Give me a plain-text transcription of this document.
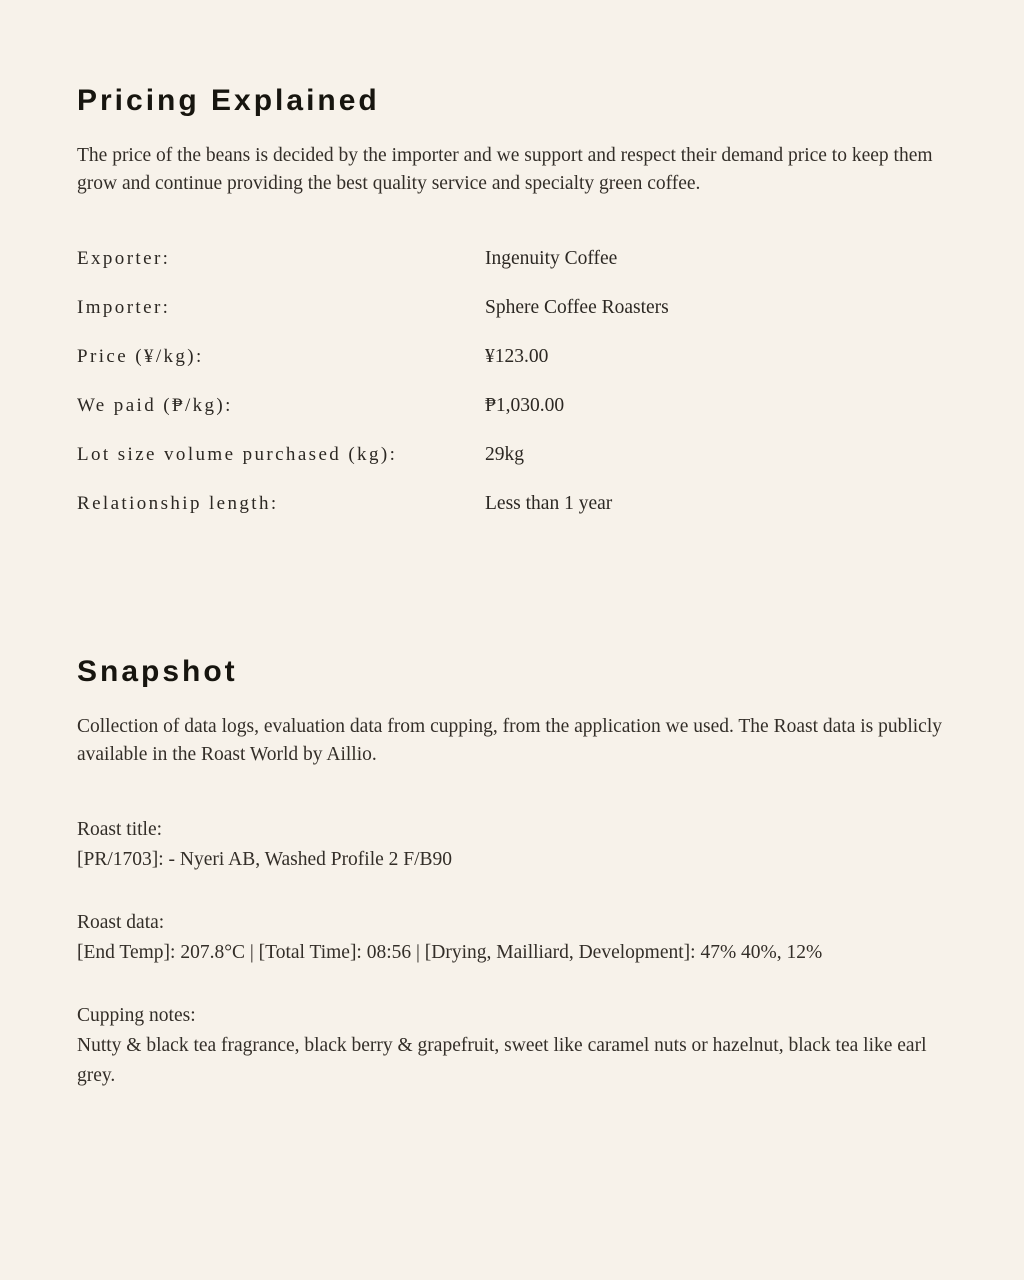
Pricing Explained

The price of the beans is decided by the importer and we support and respect their demand price to keep them grow and continue providing the best quality service and specialty green coffee.

Exporter:	Ingenuity Coffee
Importer:	Sphere Coffee Roasters
Price (¥/kg):	¥123.00
We paid (₱/kg):	₱1,030.00
Lot size volume purchased (kg):	29kg
Relationship length:	Less than 1 year
Snapshot

Collection of data logs, evaluation data from cupping, from the application we used. The Roast data is publicly available in the Roast World by Aillio.

Roast title:
[PR/1703]: - Nyeri AB, Washed Profile 2 F/B90
Roast data:
[End Temp]: 207.8°C | [Total Time]: 08:56 | [Drying, Mailliard, Development]: 47% 40%, 12%
Cupping notes:
Nutty & black tea fragrance, black berry & grapefruit, sweet like caramel nuts or hazelnut, black tea like earl grey.
